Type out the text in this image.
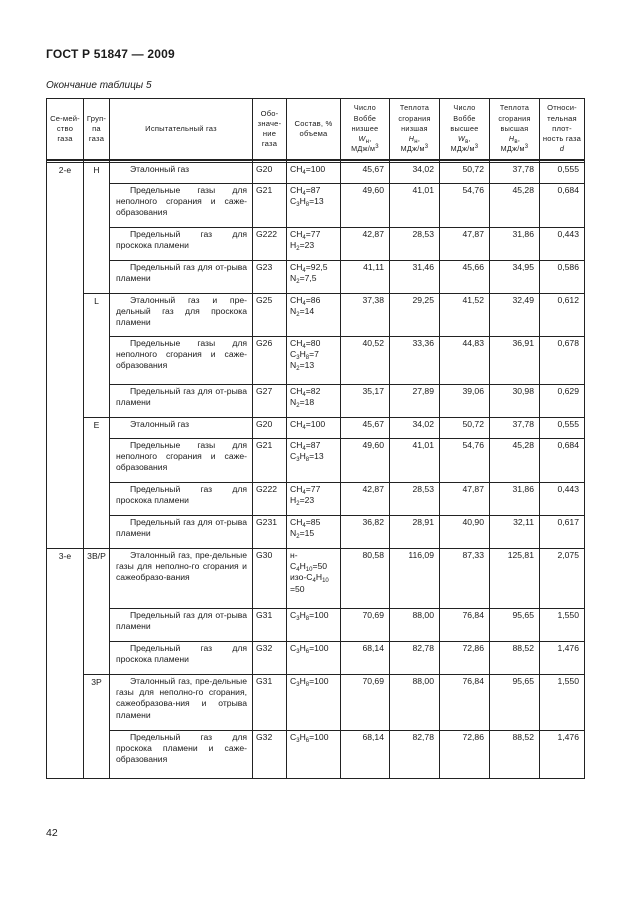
ГОСТ Р 51847 — 2009
Окончание таблицы 5
Се-мей-ство газа	Груп-па газа	Испытательный газ	Обо-значе-ние газа	Состав, % объема	Число Воббе низшее
$W_н$,
МДж/$м^3$	Теплота сгорания низшая
$H_н$,
МДж/$м^3$	Число Воббе высшее
$W_в$,
МДж/$м^3$	Теплота сгорания высшая
$H_в$,
МДж/$м^3$	Относи-тельная плот-ность газа d

2-е	H	Эталонный газ	G20	$CH_4=100$	45,67	34,02	50,72	37,78	0,555

		Предельные газы для неполного сгорания и саже-образования	G21	$CH_4=87$
$C_3H_8=13$	49,60	41,01	54,76	45,28	0,684

		Предельный газ для проскока пламени	G222	$CH_4=77$
$H_2=23$	42,87	28,53	47,87	31,86	0,443

		Предельный газ для от-рыва пламени	G23	$CH_4=92,5$
$N_2=7,5$	41,11	31,46	45,66	34,95	0,586
	L	Эталонный газ и пре-дельный газ для проскока пламени	G25	$CH_4=86$
$N_2=14$	37,38	29,25	41,52	32,49	0,612

		Предельные газы для неполного сгорания и саже-образования	G26	$CH_4=80$
$C_3H_8=7$
$N_2=13$	40,52	33,36	44,83	36,91	0,678

		Предельный газ для от-рыва пламени	G27	$CH_4=82$
$N_2=18$	35,17	27,89	39,06	30,98	0,629
	E	Эталонный газ	G20	$CH_4=100$	45,67	34,02	50,72	37,78	0,555

		Предельные газы для неполного сгорания и саже-образования	G21	$CH_4=87$
$C_3H_8=13$	49,60	41,01	54,76	45,28	0,684

		Предельный газ для проскока пламени	G222	$CH_4=77$
$H_2=23$	42,87	28,53	47,87	31,86	0,443

		Предельный газ для от-рыва пламени	G231	$CH_4=85$
$N_2=15$	36,82	28,91	40,90	32,11	0,617
3-е	3B/P	Эталонный газ, пре-дельные газы для неполно-го сгорания и сажеобразо-вания	G30	н-
$C_4H_{10}=50$
изо-$C_4H_{10}$
=50	80,58	116,09	87,33	125,81	2,075

		Предельный газ для от-рыва пламени	G31	$C_3H_8=100$	70,69	88,00	76,84	95,65	1,550

		Предельный газ для проскока пламени	G32	$C_3H_6=100$	68,14	82,78	72,86	88,52	1,476
	3P	Эталонный газ, пре-дельные газы для неполно-го сгорания, сажеобразова-ния и отрыва пламени	G31	$C_3H_8=100$	70,69	88,00	76,84	95,65	1,550

		Предельный газ для проскока пламени и саже-образования	G32	$C_3H_6=100$	68,14	82,78	72,86	88,52	1,476
42
